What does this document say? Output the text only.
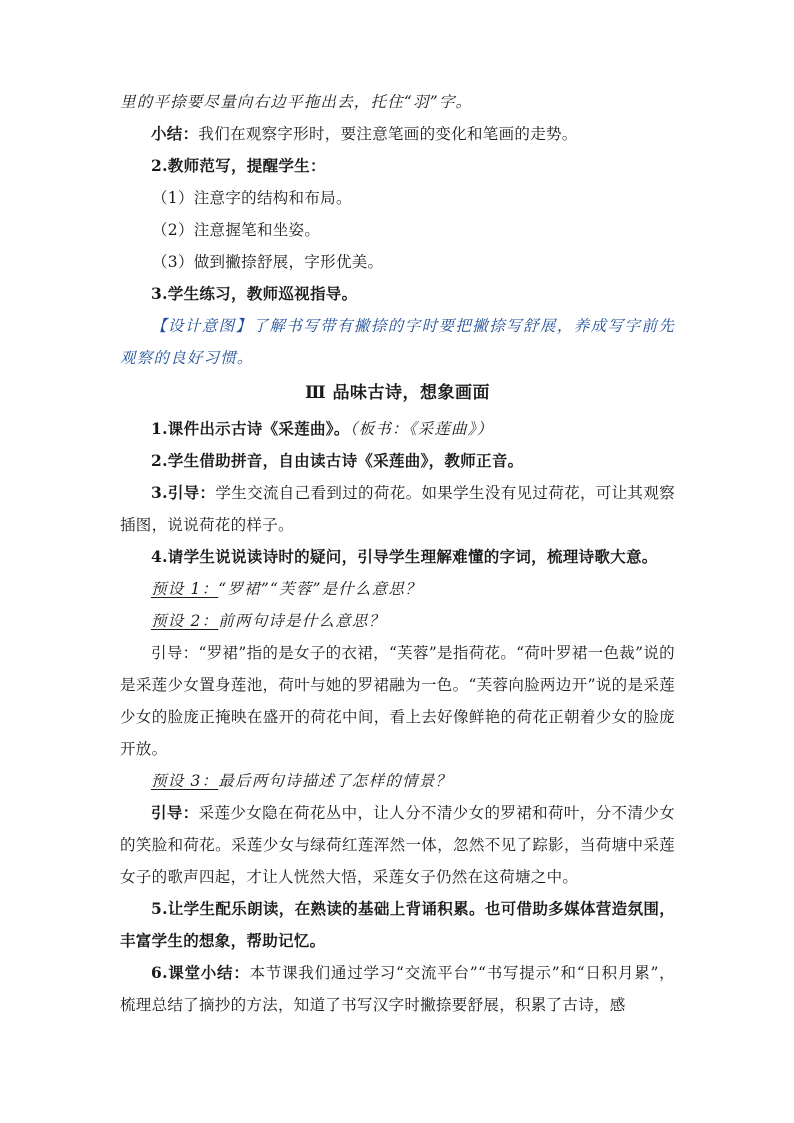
里的平捺要尽量向右边平拖出去，托住“羽”字。

小结：我们在观察字形时，要注意笔画的变化和笔画的走势。

2.教师范写，提醒学生：

（1）注意字的结构和布局。

（2）注意握笔和坐姿。

（3）做到撇捺舒展，字形优美。

3.学生练习，教师巡视指导。

【设计意图】了解书写带有撇捺的字时要把撇捺写舒展，养成写字前先观察的良好习惯。

Ⅲ 品味古诗，想象画面

1.课件出示古诗《采莲曲》。（板书：《采莲曲》）

2.学生借助拼音，自由读古诗《采莲曲》，教师正音。

3.引导：学生交流自己看到过的荷花。如果学生没有见过荷花，可让其观察插图，说说荷花的样子。

4.请学生说说读诗时的疑问，引导学生理解难懂的字词，梳理诗歌大意。

预设 1：“罗裙”“芙蓉”是什么意思？

预设 2：前两句诗是什么意思？

引导：“罗裙”指的是女子的衣裙，“芙蓉”是指荷花。“荷叶罗裙一色裁”说的是采莲少女置身莲池，荷叶与她的罗裙融为一色。“芙蓉向脸两边开”说的是采莲少女的脸庞正掩映在盛开的荷花中间，看上去好像鲜艳的荷花正朝着少女的脸庞开放。

预设 3：最后两句诗描述了怎样的情景？

引导：采莲少女隐在荷花丛中，让人分不清少女的罗裙和荷叶，分不清少女的笑脸和荷花。采莲少女与绿荷红莲浑然一体，忽然不见了踪影，当荷塘中采莲女子的歌声四起，才让人恍然大悟，采莲女子仍然在这荷塘之中。

5.让学生配乐朗读，在熟读的基础上背诵积累。也可借助多媒体营造氛围，丰富学生的想象，帮助记忆。

6.课堂小结：本节课我们通过学习“交流平台”“书写提示”和“日积月累”，梳理总结了摘抄的方法，知道了书写汉字时撇捺要舒展，积累了古诗，感
